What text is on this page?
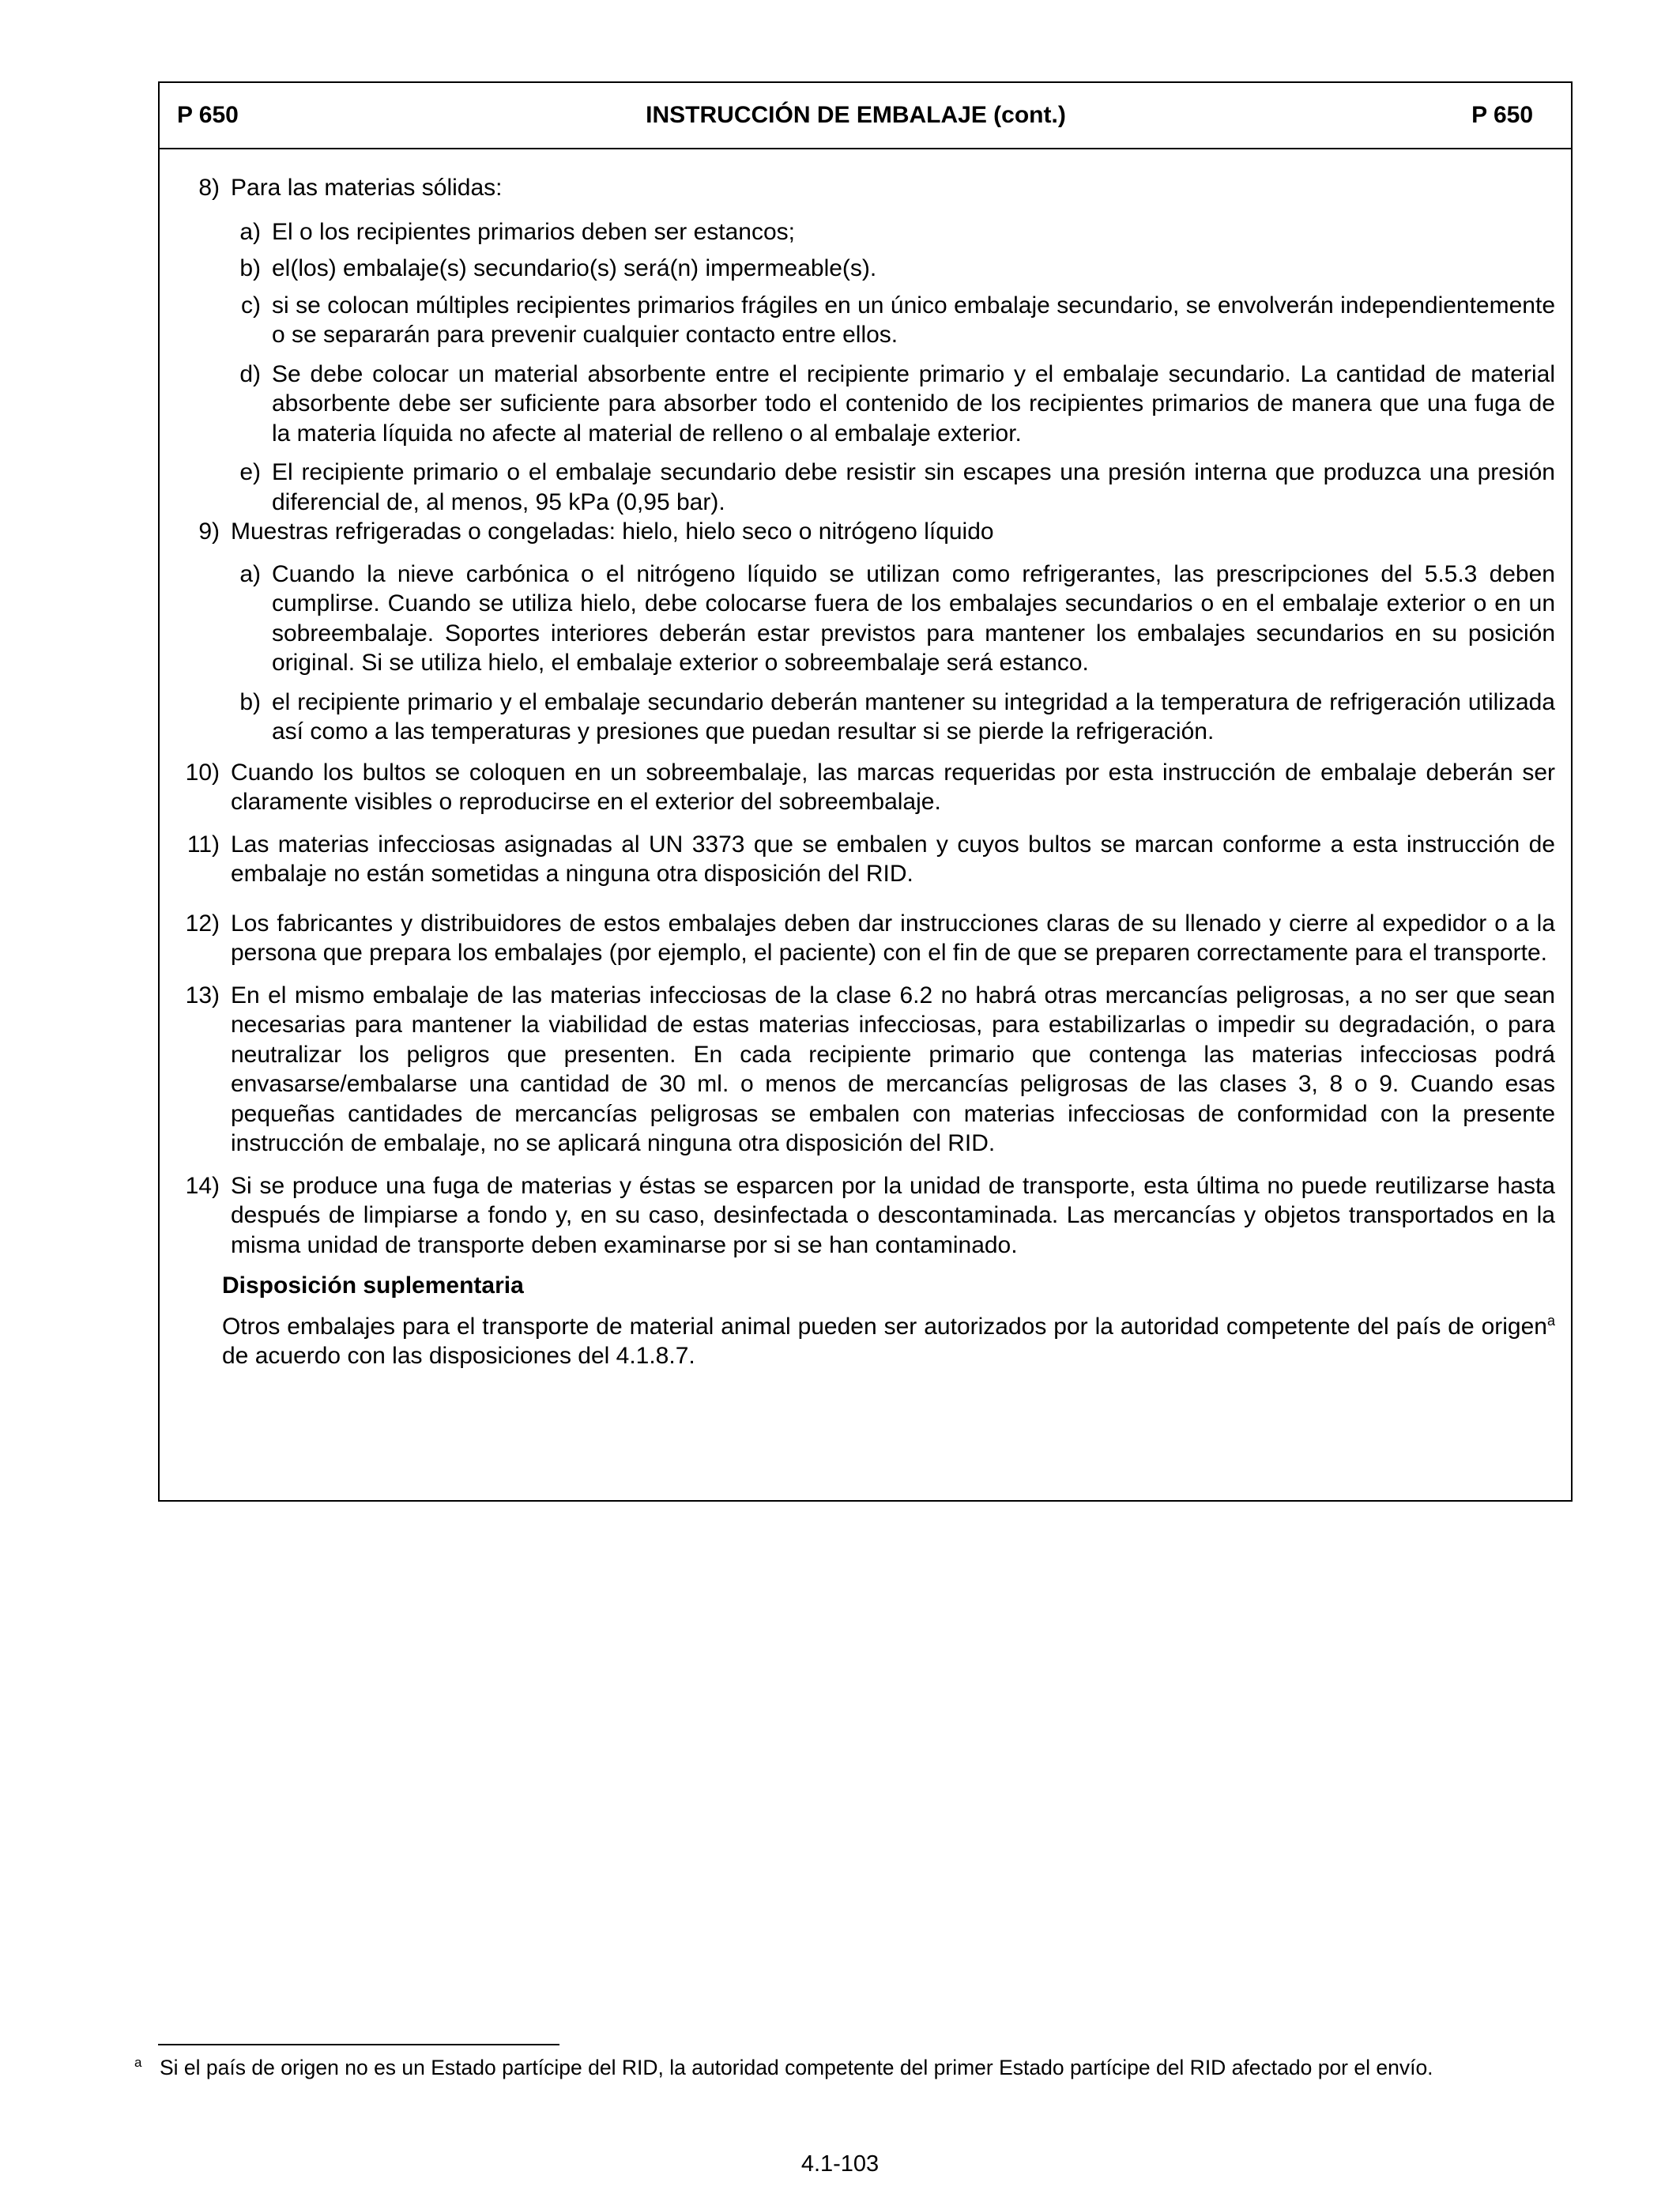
P 650	INSTRUCCIÓN DE EMBALAJE (cont.)	P 650
8) Para las materias sólidas:
a) El o los recipientes primarios deben ser estancos;
b) el(los) embalaje(s) secundario(s) será(n) impermeable(s).
c) si se colocan múltiples recipientes primarios frágiles en un único embalaje secundario, se envolverán independientemente o se separarán para prevenir cualquier contacto entre ellos.
d) Se debe colocar un material absorbente entre el recipiente primario y el embalaje secundario. La cantidad de material absorbente debe ser suficiente para absorber todo el contenido de los recipientes primarios de manera que una fuga de la materia líquida no afecte al material de relleno o al embalaje exterior.
e) El recipiente primario o el embalaje secundario debe resistir sin escapes una presión interna que produzca una presión diferencial de, al menos, 95 kPa (0,95 bar).
9) Muestras refrigeradas o congeladas: hielo, hielo seco o nitrógeno líquido
a) Cuando la nieve carbónica o el nitrógeno líquido se utilizan como refrigerantes, las prescripciones del 5.5.3 deben cumplirse. Cuando se utiliza hielo, debe colocarse fuera de los embalajes secundarios o en el embalaje exterior o en un sobreembalaje. Soportes interiores deberán estar previstos para mantener los embalajes secundarios en su posición original. Si se utiliza hielo, el embalaje exterior o sobreembalaje será estanco.
b) el recipiente primario y el embalaje secundario deberán mantener su integridad a la temperatura de refrigeración utilizada así como a las temperaturas y presiones que puedan resultar si se pierde la refrigeración.
10) Cuando los bultos se coloquen en un sobreembalaje, las marcas requeridas por esta instrucción de embalaje deberán ser claramente visibles o reproducirse en el exterior del sobreembalaje.
11) Las materias infecciosas asignadas al UN 3373 que se embalen y cuyos bultos se marcan conforme a esta instrucción de embalaje no están sometidas a ninguna otra disposición del RID.
12) Los fabricantes y distribuidores de estos embalajes deben dar instrucciones claras de su llenado y cierre al expedidor o a la persona que prepara los embalajes (por ejemplo, el paciente) con el fin de que se preparen correctamente para el transporte.
13) En el mismo embalaje de las materias infecciosas de la clase 6.2 no habrá otras mercancías peligrosas, a no ser que sean necesarias para mantener la viabilidad de estas materias infecciosas, para estabilizarlas o impedir su degradación, o para neutralizar los peligros que presenten. En cada recipiente primario que contenga las materias infecciosas podrá envasarse/embalarse una cantidad de 30 ml. o menos de mercancías peligrosas de las clases 3, 8 o 9. Cuando esas pequeñas cantidades de mercancías peligrosas se embalen con materias infecciosas de conformidad con la presente instrucción de embalaje, no se aplicará ninguna otra disposición del RID.
14) Si se produce una fuga de materias y éstas se esparcen por la unidad de transporte, esta última no puede reutilizarse hasta después de limpiarse a fondo y, en su caso, desinfectada o descontaminada. Las mercancías y objetos transportados en la misma unidad de transporte deben examinarse por si se han contaminado.
Disposición suplementaria
Otros embalajes para el transporte de material animal pueden ser autorizados por la autoridad competente del país de origen$^a$ de acuerdo con las disposiciones del 4.1.8.7.
a Si el país de origen no es un Estado partícipe del RID, la autoridad competente del primer Estado partícipe del RID afectado por el envío.
4.1-103
